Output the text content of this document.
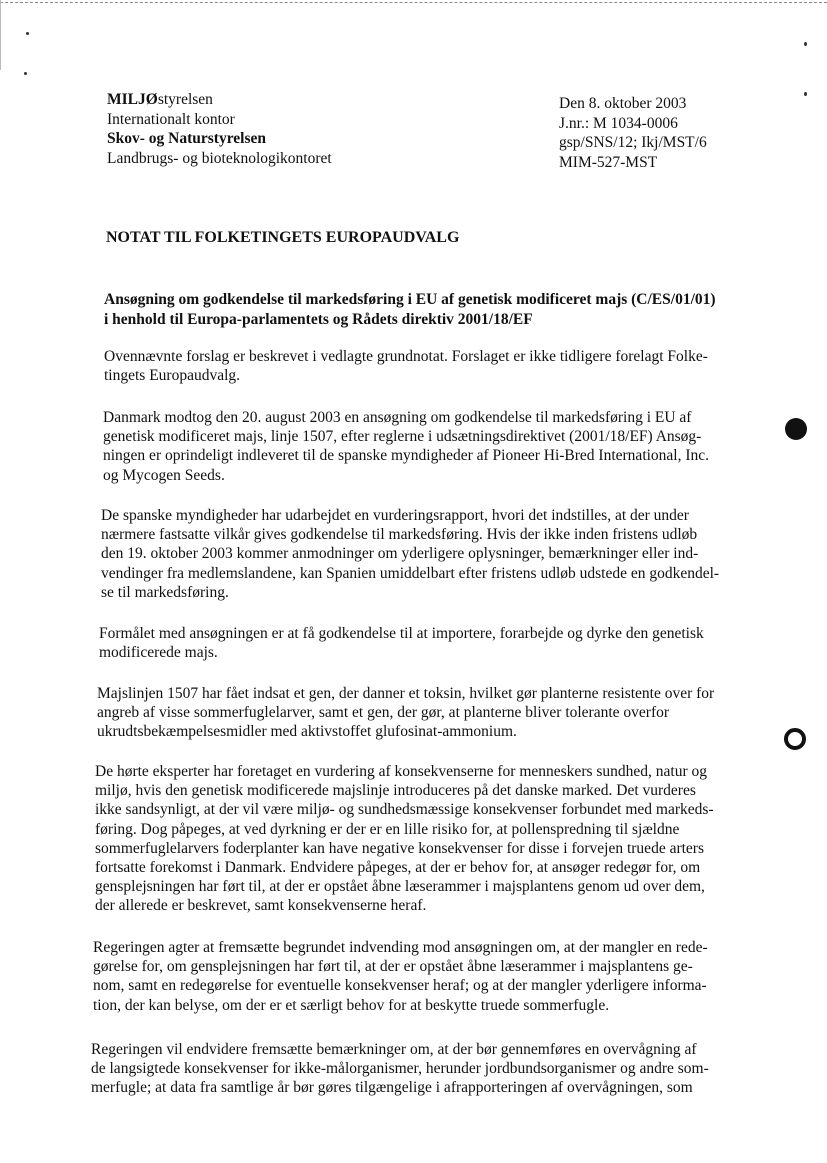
MILJØstyrelsen
Internationalt kontor
Skov- og Naturstyrelsen
Landbrugs- og bioteknologikontoret
Den 8. oktober 2003
J.nr.: M 1034-0006
gsp/SNS/12; Ikj/MST/6
MIM-527-MST
NOTAT TIL FOLKETINGETS EUROPAUDVALG
Ansøgning om godkendelse til markedsføring i EU af genetisk modificeret majs (C/ES/01/01)
i henhold til Europa-parlamentets og Rådets direktiv 2001/18/EF
Ovennævnte forslag er beskrevet i vedlagte grundnotat. Forslaget er ikke tidligere forelagt Folke-
tingets Europaudvalg.
Danmark modtog den 20. august 2003 en ansøgning om godkendelse til markedsføring i EU af
genetisk modificeret majs, linje 1507, efter reglerne i udsætningsdirektivet (2001/18/EF) Ansøg-
ningen er oprindeligt indleveret til de spanske myndigheder af Pioneer Hi-Bred International, Inc.
og Mycogen Seeds.
De spanske myndigheder har udarbejdet en vurderingsrapport, hvori det indstilles, at der under
nærmere fastsatte vilkår gives godkendelse til markedsføring. Hvis der ikke inden fristens udløb
den 19. oktober 2003 kommer anmodninger om yderligere oplysninger, bemærkninger eller ind-
vendinger fra medlemslandene, kan Spanien umiddelbart efter fristens udløb udstede en godkendel-
se til markedsføring.
Formålet med ansøgningen er at få godkendelse til at importere, forarbejde og dyrke den genetisk
modificerede majs.
Majslinjen 1507 har fået indsat et gen, der danner et toksin, hvilket gør planterne resistente over for
angreb af visse sommerfuglelarver, samt et gen, der gør, at planterne bliver tolerante overfor
ukrudtsbekæmpelsesmidler med aktivstoffet glufosinat-ammonium.
De hørte eksperter har foretaget en vurdering af konsekvenserne for menneskers sundhed, natur og
miljø, hvis den genetisk modificerede majslinje introduceres på det danske marked. Det vurderes
ikke sandsynligt, at der vil være miljø- og sundhedsmæssige konsekvenser forbundet med markeds-
føring. Dog påpeges, at ved dyrkning er der er en lille risiko for, at pollenspredning til sjældne
sommerfuglelarvers foderplanter kan have negative konsekvenser for disse i forvejen truede arters
fortsatte forekomst i Danmark. Endvidere påpeges, at der er behov for, at ansøger redegør for, om
gensplejsningen har ført til, at der er opstået åbne læserammer i majsplantens genom ud over dem,
der allerede er beskrevet, samt konsekvenserne heraf.
Regeringen agter at fremsætte begrundet indvending mod ansøgningen om, at der mangler en rede-
gørelse for, om gensplejsningen har ført til, at der er opstået åbne læserammer i majsplantens ge-
nom, samt en redegørelse for eventuelle konsekvenser heraf; og at der mangler yderligere informa-
tion, der kan belyse, om der er et særligt behov for at beskytte truede sommerfugle.
Regeringen vil endvidere fremsætte bemærkninger om, at der bør gennemføres en overvågning af
de langsigtede konsekvenser for ikke-målorganismer, herunder jordbundsorganismer og andre som-
merfugle; at data fra samtlige år bør gøres tilgængelige i afrapporteringen af overvågningen, som
